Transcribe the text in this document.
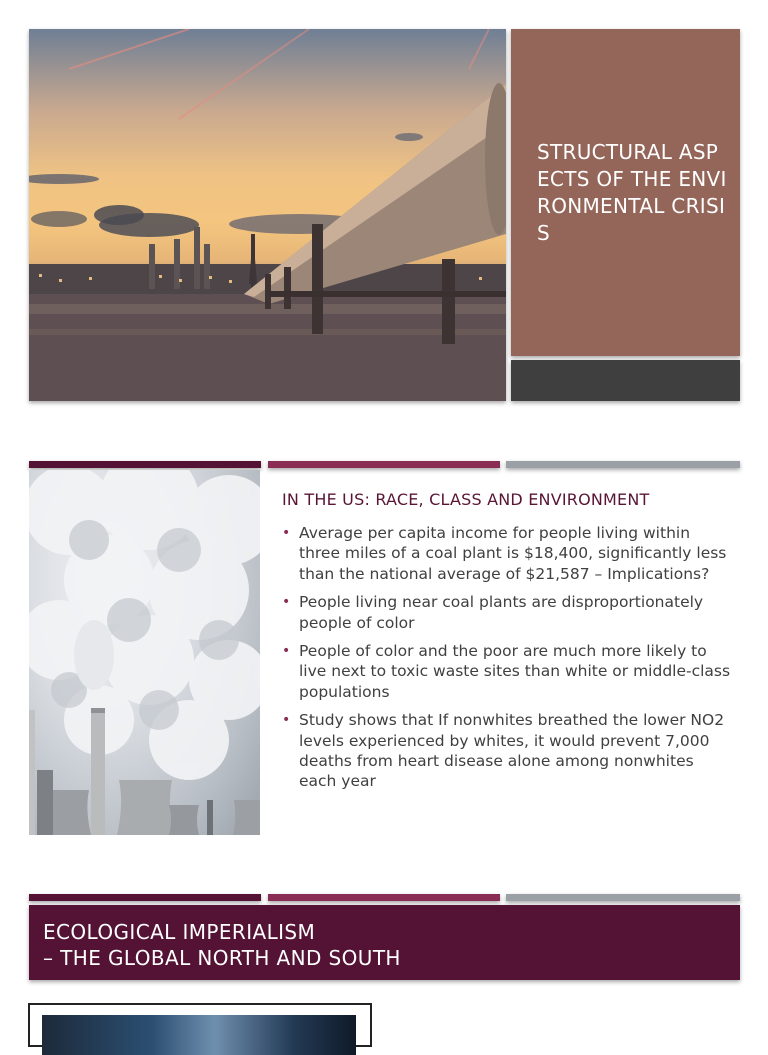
STRUCTURAL ASPECTS OF THE ENVIRONMENTAL CRISIS
IN THE US: RACE, CLASS AND ENVIRONMENT
• Average per capita income for people living within three miles of a coal plant is $18,400, significantly less than the national average of $21,587 – Implications?
• People living near coal plants are disproportionately people of color
• People of color and the poor are much more likely to live next to toxic waste sites than white or middle-class populations
• Study shows that If nonwhites breathed the lower NO2 levels experienced by whites, it would prevent 7,000 deaths from heart disease alone among nonwhites each year
ECOLOGICAL IMPERIALISM
– THE GLOBAL NORTH AND SOUTH
